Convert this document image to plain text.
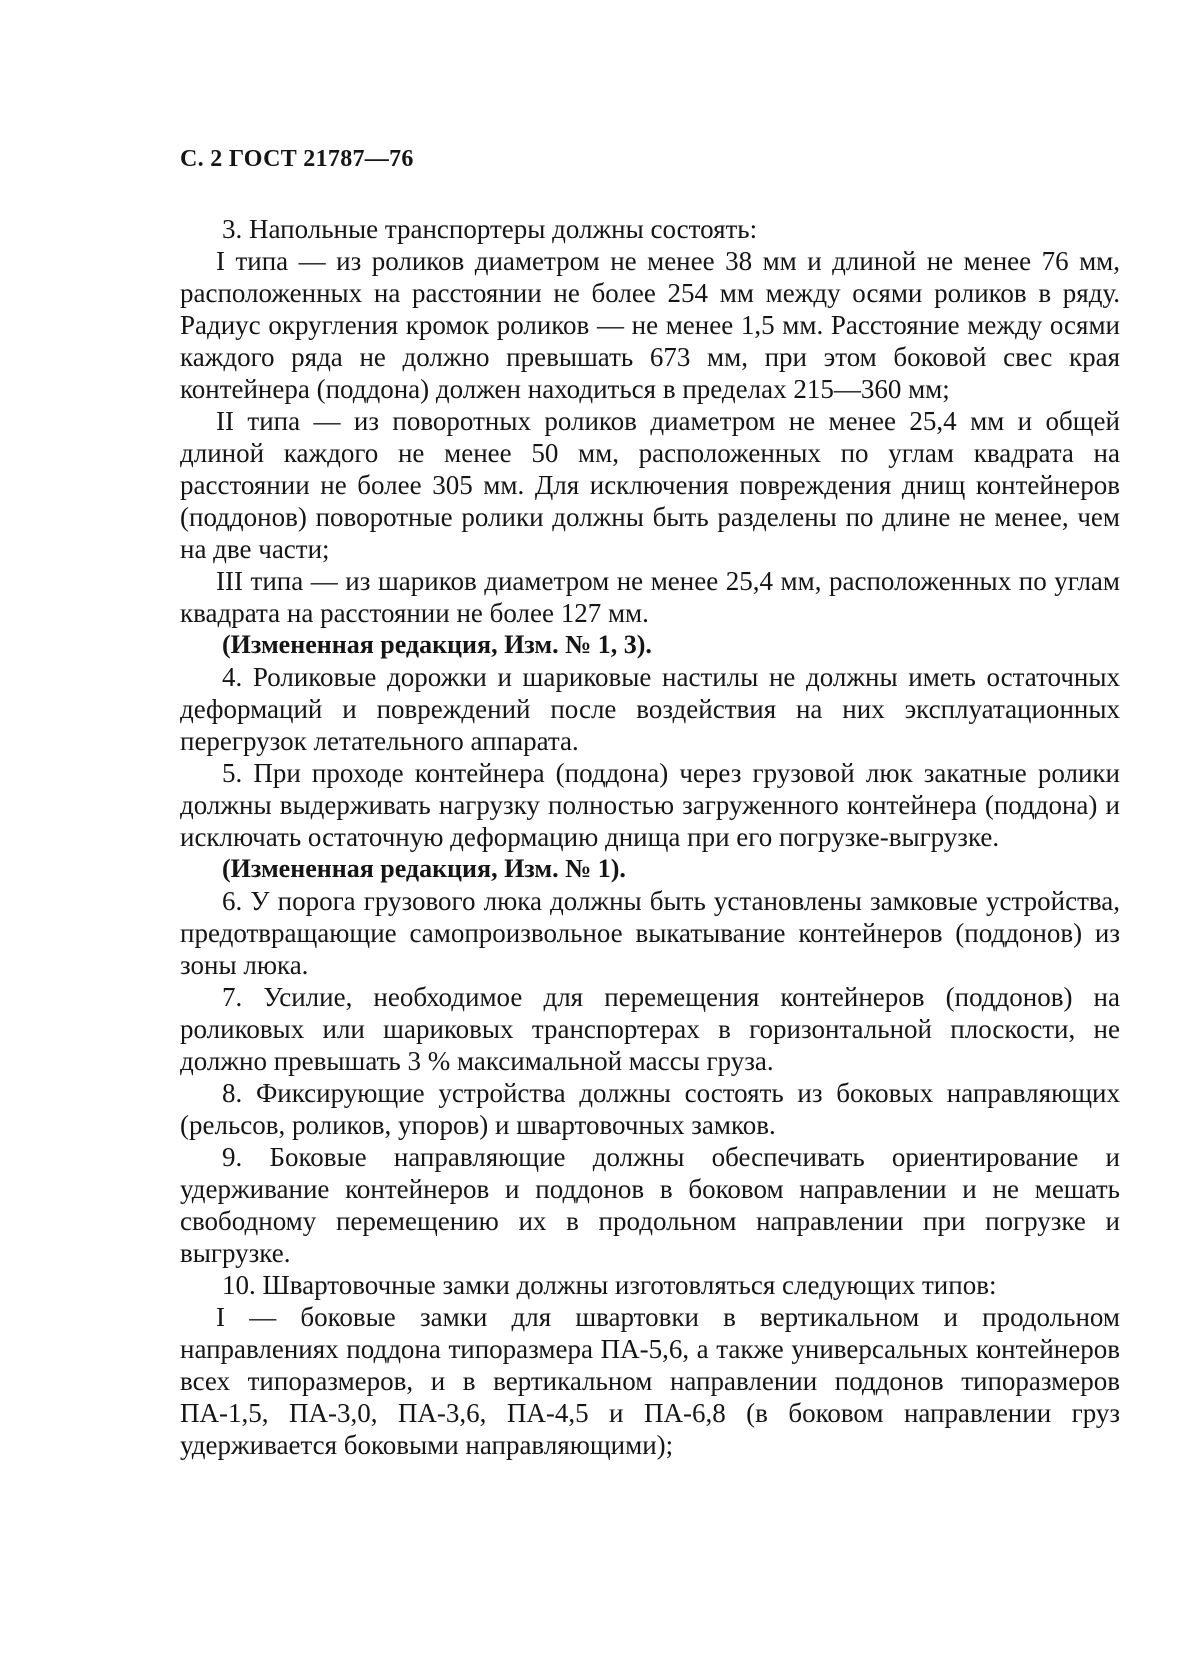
С. 2 ГОСТ 21787—76

3. Напольные транспортеры должны состоять:

I типа — из роликов диаметром не менее 38 мм и длиной не менее 76 мм, расположенных на расстоянии не более 254 мм между осями роликов в ряду. Радиус округления кромок роликов — не менее 1,5 мм. Расстояние между осями каждого ряда не должно превышать 673 мм, при этом боковой свес края контейнера (поддона) должен находиться в пределах 215—360 мм;

II типа — из поворотных роликов диаметром не менее 25,4 мм и общей длиной каждого не менее 50 мм, расположенных по углам квадрата на расстоянии не более 305 мм. Для исключения повреждения днищ контейнеров (поддонов) поворотные ролики должны быть разделены по длине не менее, чем на две части;

III типа — из шариков диаметром не менее 25,4 мм, расположенных по углам квадрата на расстоянии не более 127 мм.

(Измененная редакция, Изм. № 1, 3).

4. Роликовые дорожки и шариковые настилы не должны иметь остаточных деформаций и повреждений после воздействия на них эксплуатационных перегрузок летательного аппарата.

5. При проходе контейнера (поддона) через грузовой люк закатные ролики должны выдерживать нагрузку полностью загруженного контейнера (поддона) и исключать остаточную деформацию днища при его погрузке-выгрузке.

(Измененная редакция, Изм. № 1).

6. У порога грузового люка должны быть установлены замковые устройства, предотвращающие самопроизвольное выкатывание контейнеров (поддонов) из зоны люка.

7. Усилие, необходимое для перемещения контейнеров (поддонов) на роликовых или шариковых транспортерах в горизонтальной плоскости, не должно превышать 3 % максимальной массы груза.

8. Фиксирующие устройства должны состоять из боковых направляющих (рельсов, роликов, упоров) и швартовочных замков.

9. Боковые направляющие должны обеспечивать ориентирование и удерживание контейнеров и поддонов в боковом направлении и не мешать свободному перемещению их в продольном направлении при погрузке и выгрузке.

10. Швартовочные замки должны изготовляться следующих типов:

I — боковые замки для швартовки в вертикальном и продольном направлениях поддона типоразмера ПА-5,6, а также универсальных контейнеров всех типоразмеров, и в вертикальном направлении поддонов типоразмеров ПА-1,5, ПА-3,0, ПА-3,6, ПА-4,5 и ПА-6,8 (в боковом направлении груз удерживается боковыми направляющими);
